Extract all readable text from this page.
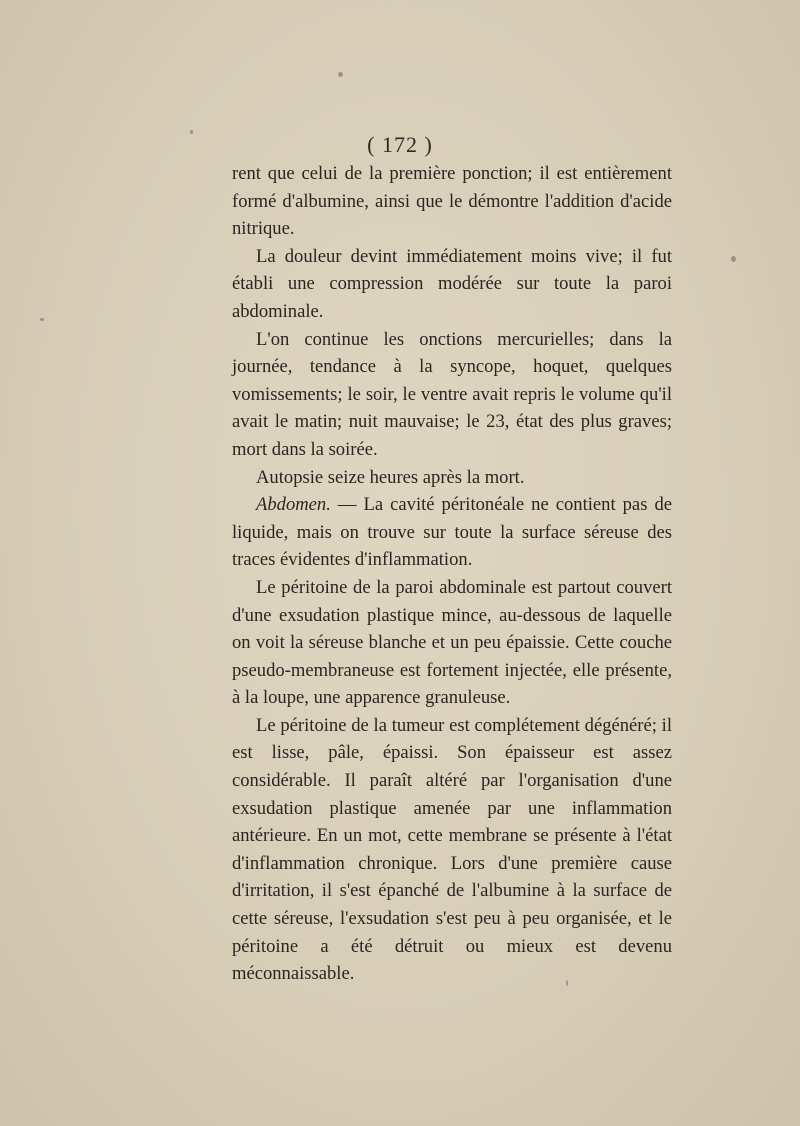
( 172 )

rent que celui de la première ponction; il est entièrement formé d'albumine, ainsi que le démontre l'addition d'acide nitrique.

La douleur devint immédiatement moins vive; il fut établi une compression modérée sur toute la paroi abdominale.

L'on continue les onctions mercurielles; dans la journée, tendance à la syncope, hoquet, quelques vomissements; le soir, le ventre avait repris le volume qu'il avait le matin; nuit mauvaise; le 23, état des plus graves; mort dans la soirée.

Autopsie seize heures après la mort.

Abdomen. — La cavité péritonéale ne contient pas de liquide, mais on trouve sur toute la surface séreuse des traces évidentes d'inflammation.

Le péritoine de la paroi abdominale est partout couvert d'une exsudation plastique mince, au-dessous de laquelle on voit la séreuse blanche et un peu épaissie. Cette couche pseudo-membraneuse est fortement injectée, elle présente, à la loupe, une apparence granuleuse.

Le péritoine de la tumeur est complétement dégénéré; il est lisse, pâle, épaissi. Son épaisseur est assez considérable. Il paraît altéré par l'organisation d'une exsudation plastique amenée par une inflammation antérieure. En un mot, cette membrane se présente à l'état d'inflammation chronique. Lors d'une première cause d'irritation, il s'est épanché de l'albumine à la surface de cette séreuse, l'exsudation s'est peu à peu organisée, et le péritoine a été détruit ou mieux est devenu méconnaissable.
